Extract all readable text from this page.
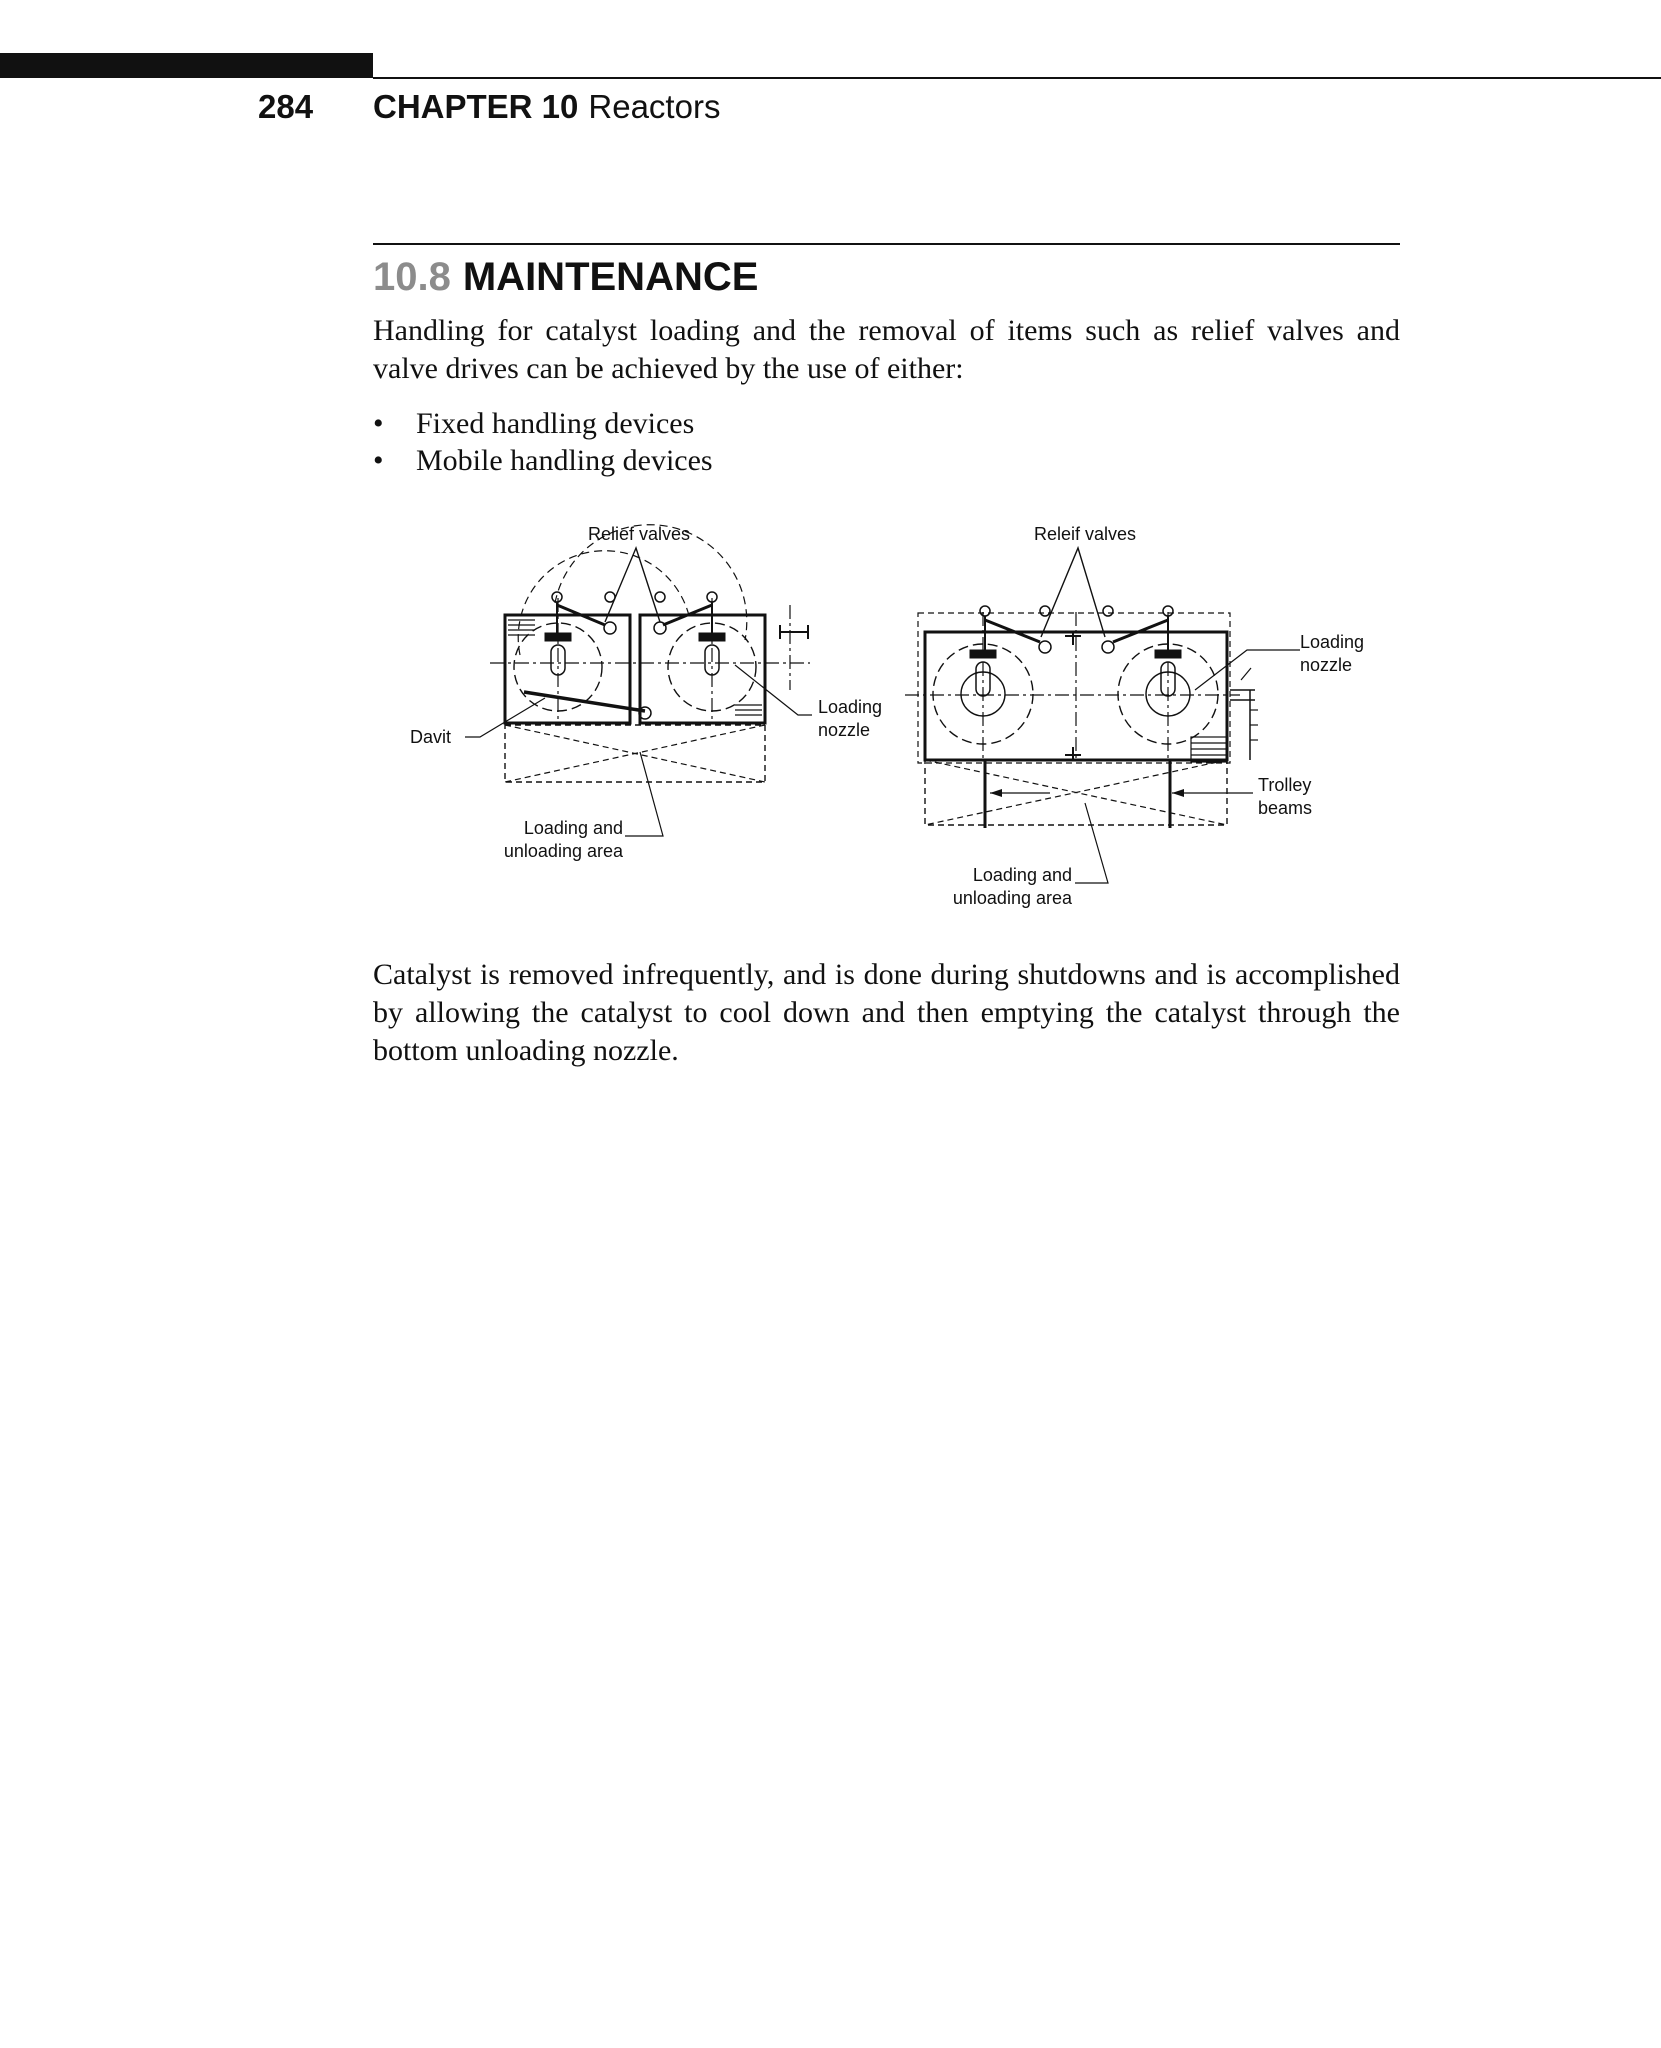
284 CHAPTER 10 Reactors
10.8 MAINTENANCE

Handling for catalyst loading and the removal of items such as relief valves and valve drives can be achieved by the use of either:

• Fixed handling devices
• Mobile handling devices
Relief valves
Loading
nozzle
Davit
Loading and
unloading area
Releif valves
Loading
nozzle
Trolley
beams
Loading and
unloading area

Catalyst is removed infrequently, and is done during shutdowns and is accomplished by allowing the catalyst to cool down and then emptying the catalyst through the bottom unloading nozzle.
